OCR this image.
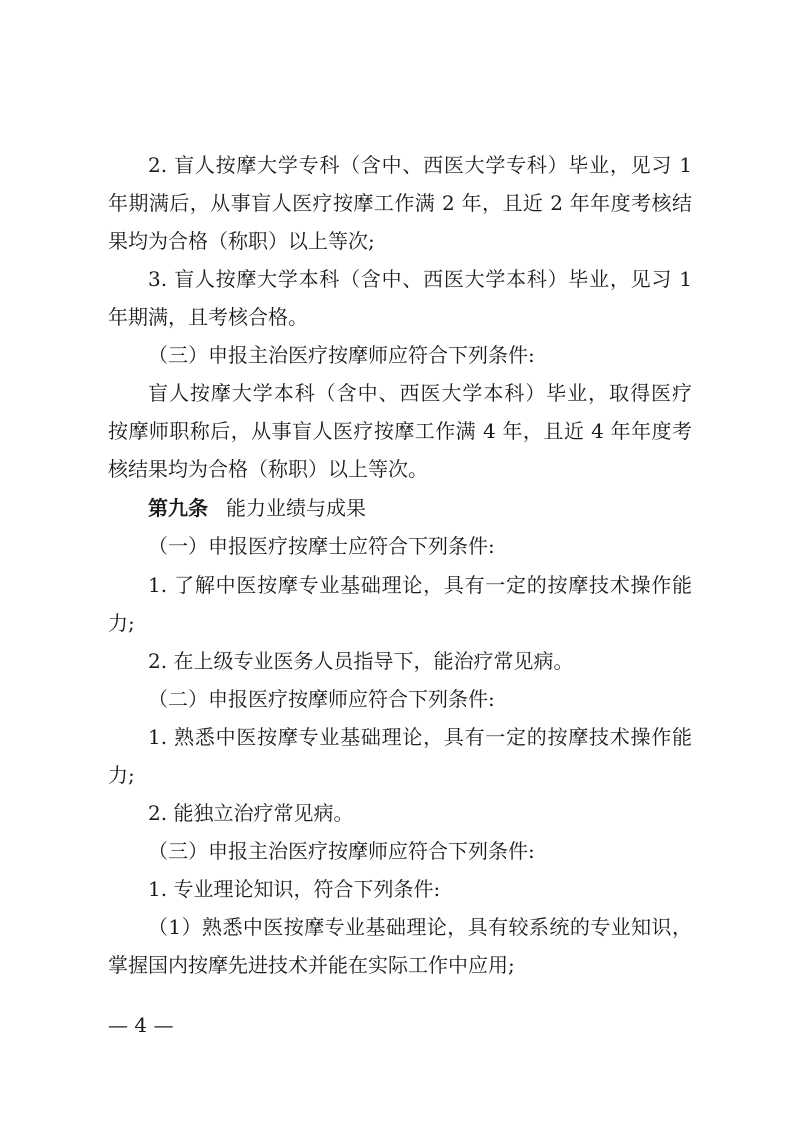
2. 盲人按摩大学专科（含中、西医大学专科）毕业，见习 1
年期满后，从事盲人医疗按摩工作满 2 年，且近 2 年年度考核结
果均为合格（称职）以上等次;
3. 盲人按摩大学本科（含中、西医大学本科）毕业，见习 1
年期满，且考核合格。
（三）申报主治医疗按摩师应符合下列条件:
盲人按摩大学本科（含中、西医大学本科）毕业，取得医疗
按摩师职称后，从事盲人医疗按摩工作满 4 年，且近 4 年年度考
核结果均为合格（称职）以上等次。
第九条 能力业绩与成果
（一）申报医疗按摩士应符合下列条件:
1. 了解中医按摩专业基础理论，具有一定的按摩技术操作能
力;
2. 在上级专业医务人员指导下，能治疗常见病。
（二）申报医疗按摩师应符合下列条件:
1. 熟悉中医按摩专业基础理论，具有一定的按摩技术操作能
力;
2. 能独立治疗常见病。
（三）申报主治医疗按摩师应符合下列条件:
1. 专业理论知识，符合下列条件:
（1）熟悉中医按摩专业基础理论，具有较系统的专业知识，
掌握国内按摩先进技术并能在实际工作中应用;
— 4 —
